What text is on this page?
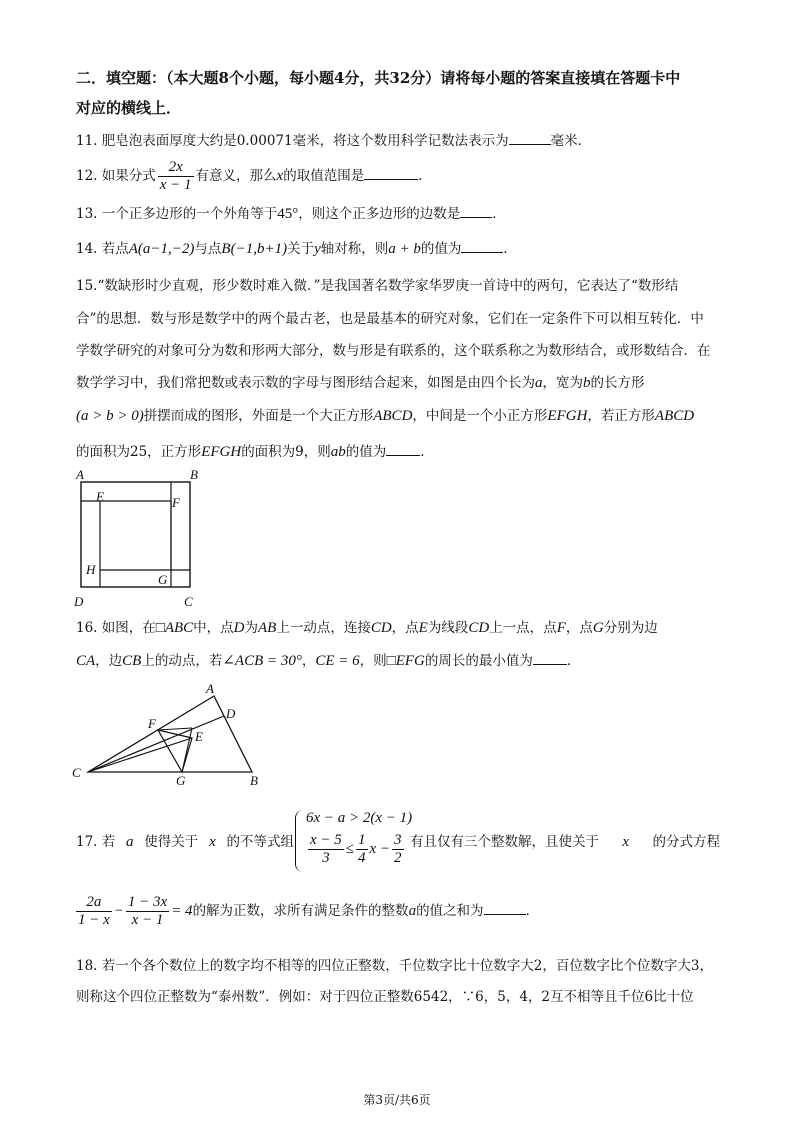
二．填空题：（本大题8个小题，每小题4分，共32分）请将每小题的答案直接填在答题卡中
对应的横线上．
11. 肥皂泡表面厚度大约是0.00071毫米，将这个数用科学记数法表示为	毫米．
12. 如果分式 $\frac{2x}{x - 1}$ 有意义，那么x的取值范围是	．
13. 一个正多边形的一个外角等于45°，则这个正多边形的边数是 ．
14. 若点A(a−1,−2)与点B(−1,b+1)关于y轴对称，则a + b的值为	．
15.“数缺形时少直观，形少数时难入微．”是我国著名数学家华罗庚一首诗中的两句，它表达了“数形结
合”的思想．数与形是数学中的两个最古老，也是最基本的研究对象，它们在一定条件下可以相互转化．中
学数学研究的对象可分为数和形两大部分，数与形是有联系的，这个联系称之为数形结合，或形数结合．在
数学学习中，我们常把数或表示数的字母与图形结合起来，如图是由四个长为a，宽为b的长方形
(a > b > 0)拼摆而成的图形，外面是一个大正方形ABCD，中间是一个小正方形EFGH，若正方形ABCD
的面积为25，正方形EFGH的面积为9，则ab的值为	．
A	B
C
D
E	F
G
H
16. 如图，在□ABC中，点D为AB上一动点，连接CD，点E为线段CD上一点，点F，点G分别为边
CA，边CB上的动点，若∠ACB = 30°，CE = 6，则□EFG的周长的最小值为	．
A
B
C
D
E
F
G
6x − a > 2(x − 1)
$\frac{x - 5}{3} \le \frac{1}{4}$ $x - \frac{3}{2}$
17. 若 a 使得关于 x 的不等式组	有且仅有三个整数解，且使关于 x 的分式方程
$\frac{2a}{1 - x} - \frac{1 - 3x}{x - 1} = 4$的解为正数，求所有满足条件的整数a的值之和为	．
18. 若一个各个数位上的数字均不相等的四位正整数，千位数字比十位数字大2，百位数字比个位数字大3，
则称这个四位正整数为“泰州数”．例如：对于四位正整数6542，∵6，5，4，2互不相等且千位6比十位
第3页/共6页
